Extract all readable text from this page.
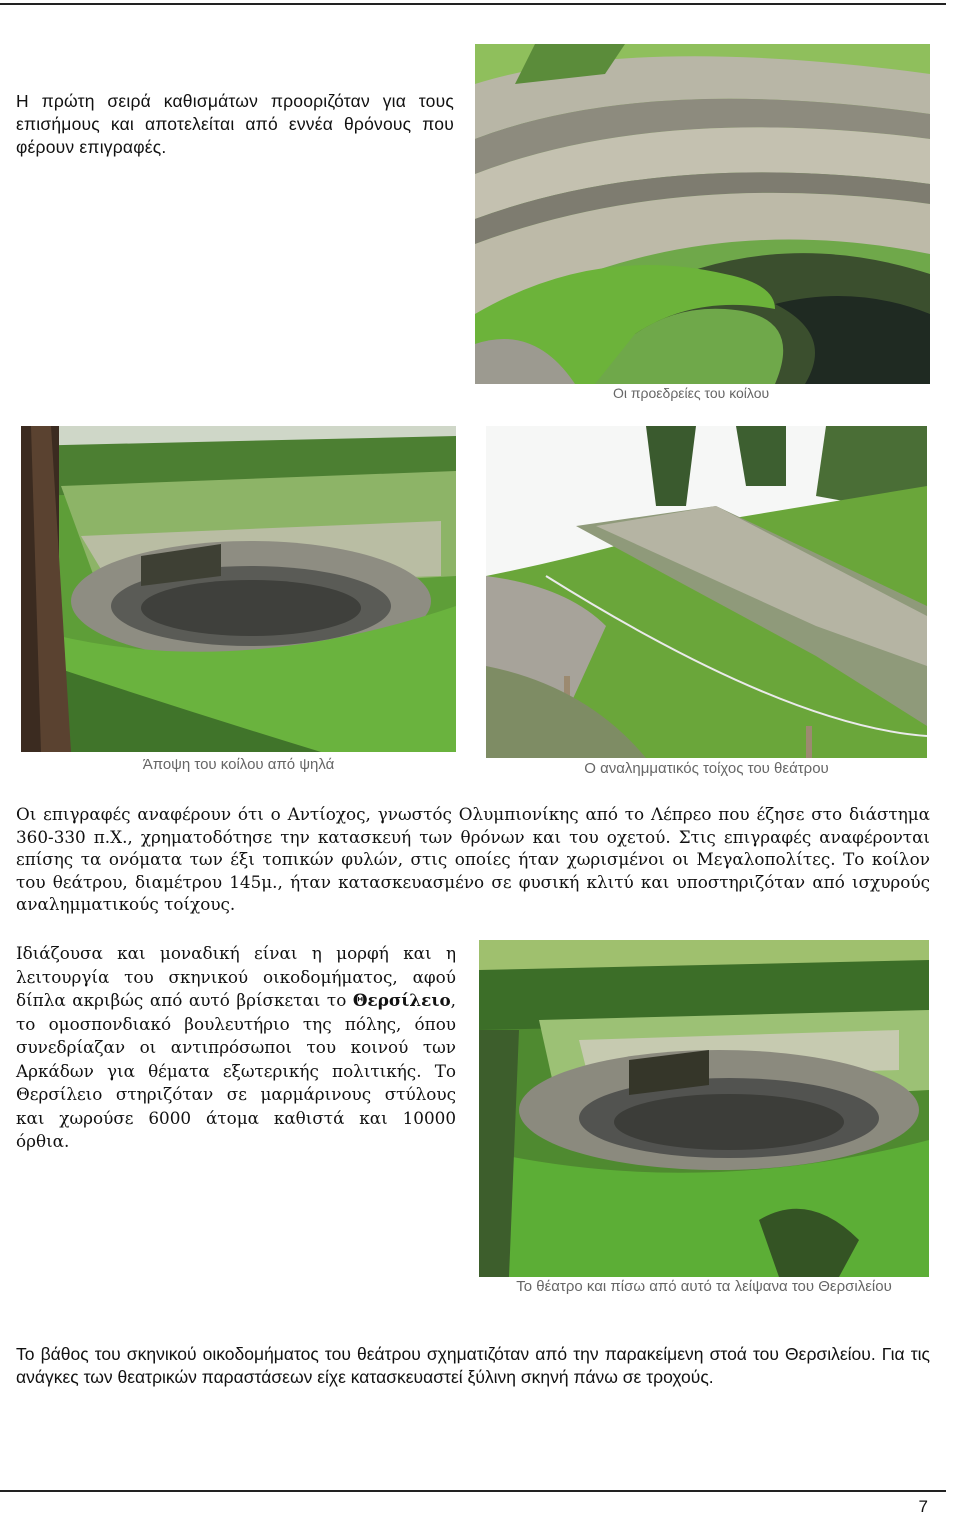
Η πρώτη σειρά καθισμάτων προοριζόταν για τους επισήμους και αποτελείται από εννέα θρόνους που φέρουν επιγραφές.
Οι προεδρείες του κοίλου
Άποψη του κοίλου από ψηλά	Ο αναλημματικός τοίχος του θεάτρου
Οι επιγραφές αναφέρουν ότι ο Αντίοχος, γνωστός Ολυμπιονίκης από το Λέπρεο που έζησε στο διάστημα 360-330 π.Χ., χρηματοδότησε την κατασκευή των θρόνων και του οχετού. Στις επιγραφές αναφέρονται επίσης τα ονόματα των έξι τοπικών φυλών, στις οποίες ήταν χωρισμένοι οι Μεγαλοπολίτες. Το κοίλον του θεάτρου, διαμέτρου 145μ., ήταν κατασκευασμένο σε φυσική κλιτύ και υποστηριζόταν από ισχυρούς αναλημματικούς τοίχους.
Ιδιάζουσα και μοναδική είναι η μορφή και η λειτουργία του σκηνικού οικοδομήματος, αφού δίπλα ακριβώς από αυτό βρίσκεται το Θερσίλειο, το ομοσπονδιακό βουλευτήριο της πόλης, όπου συνεδρίαζαν οι αντιπρόσωποι του κοινού των Αρκάδων για θέματα εξωτερικής πολιτικής. Το Θερσίλειο στηριζόταν σε μαρμάρινους στύλους και χωρούσε 6000 άτομα καθιστά και 10000 όρθια.
Το θέατρο και πίσω από αυτό τα λείψανα του Θερσιλείου
Το βάθος του σκηνικού οικοδομήματος του θεάτρου σχηματιζόταν από την παρακείμενη στοά του Θερσιλείου. Για τις ανάγκες των θεατρικών παραστάσεων είχε κατασκευαστεί ξύλινη σκηνή πάνω σε τροχούς.
7
